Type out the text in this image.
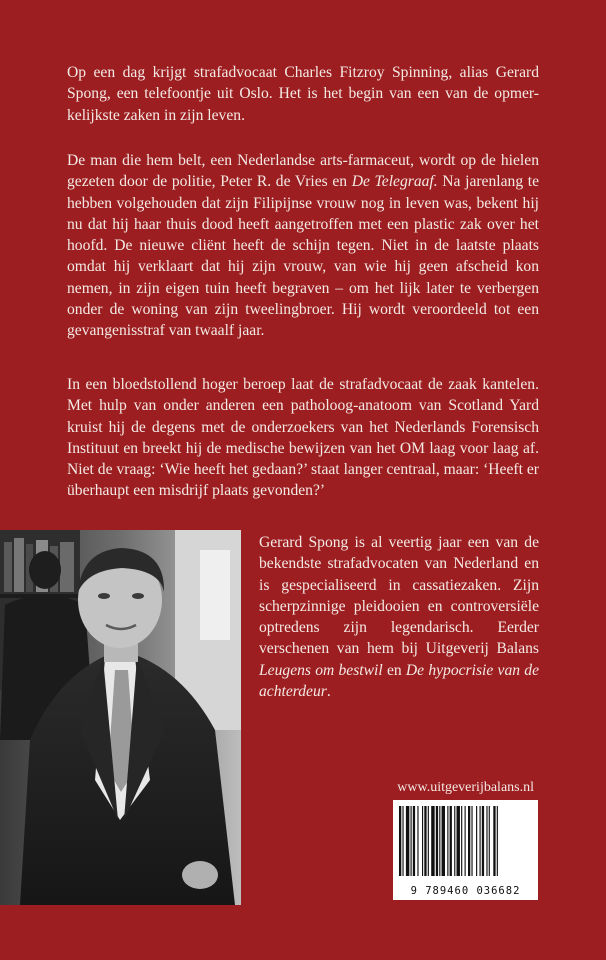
Op een dag krijgt strafadvocaat Charles Fitzroy Spinning, alias Gerard Spong, een telefoontje uit Oslo. Het is het begin van een van de opmer-kelijkste zaken in zijn leven.

De man die hem belt, een Nederlandse arts-farmaceut, wordt op de hielen gezeten door de politie, Peter R. de Vries en De Telegraaf. Na jarenlang te hebben volgehouden dat zijn Filipijnse vrouw nog in leven was, bekent hij nu dat hij haar thuis dood heeft aangetroffen met een plastic zak over het hoofd. De nieuwe cliënt heeft de schijn tegen. Niet in de laatste plaats omdat hij verklaart dat hij zijn vrouw, van wie hij geen afscheid kon nemen, in zijn eigen tuin heeft begraven – om het lijk later te verbergen onder de woning van zijn tweelingbroer. Hij wordt veroordeeld tot een gevangenisstraf van twaalf jaar.

In een bloedstollend hoger beroep laat de strafadvocaat de zaak kantelen. Met hulp van onder anderen een patholoog-anatoom van Scotland Yard kruist hij de degens met de onderzoekers van het Nederlands Forensisch Instituut en breekt hij de medische bewijzen van het OM laag voor laag af. Niet de vraag: ‘Wie heeft het gedaan?’ staat langer centraal, maar: ‘Heeft er überhaupt een misdrijf plaats gevonden?’

Gerard Spong is al veertig jaar een van de bekendste strafadvocaten van Nederland en is gespecialiseerd in cassatiezaken. Zijn scherpzinnige pleidooien en controversiële optredens zijn legendarisch. Eerder verschenen van hem bij Uitgeverij Balans Leugens om bestwil en De hypocrisie van de achterdeur.

www.uitgeverijbalans.nl
9 789460 036682
